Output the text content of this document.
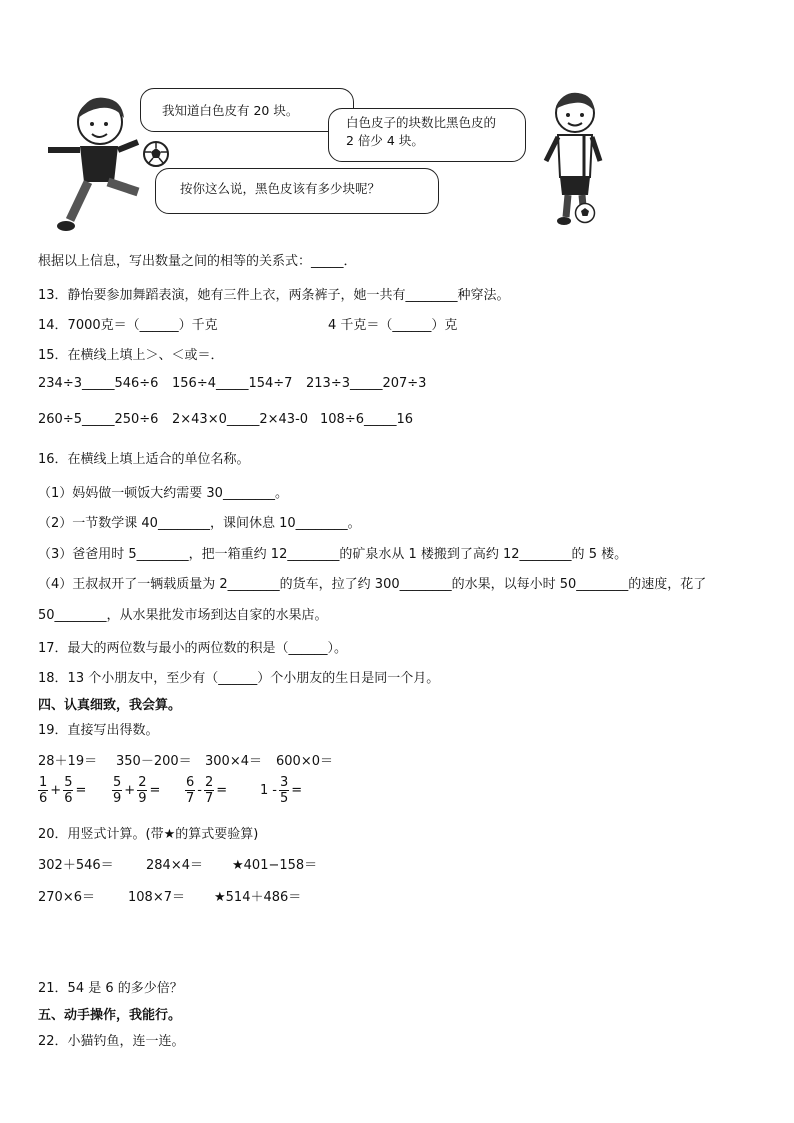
我知道白色皮有 20 块。
白色皮子的块数比黑色皮的
2 倍少 4 块。
按你这么说，黑色皮该有多少块呢？
根据以上信息，写出数量之间的相等的关系式：_____．
13．静怡要参加舞蹈表演，她有三件上衣，两条裤子，她一共有________种穿法。
14．7000克＝（______）千克	4 千克＝（______）克
15．在横线上填上＞、＜或＝．
234÷3_____546÷6 156÷4_____154÷7 213÷3_____207÷3
260÷5_____250÷6 2×43×0_____2×43-0 108÷6_____16
16．在横线上填上适合的单位名称。
（1）妈妈做一顿饭大约需要 30________。
（2）一节数学课 40________，课间休息 10________。
（3）爸爸用时 5________，把一箱重约 12________的矿泉水从 1 楼搬到了高约 12________的 5 楼。
（4）王叔叔开了一辆载质量为 2________的货车，拉了约 300________的水果，以每小时 50________的速度，花了
50________，从水果批发市场到达自家的水果店。
17．最大的两位数与最小的两位数的积是（______）。
18．13 个小朋友中，至少有（______）个小朋友的生日是同一个月。
四、认真细致，我会算。
19．直接写出得数。
28＋19＝ 350－200＝ 300×4＝ 600×0＝
$\frac{1}{6} + \frac{5}{6} = \frac{5}{9} + \frac{2}{9} = \frac{6}{7} - \frac{2}{7}$ =	$1 - \frac{3}{5}$ =
20．用竖式计算。(带★的算式要验算)
302＋546＝ 284×4＝ ★401−158＝
270×6＝	108×7＝ ★514＋486＝
21．54 是 6 的多少倍？
五、动手操作，我能行。
22．小猫钓鱼，连一连。
